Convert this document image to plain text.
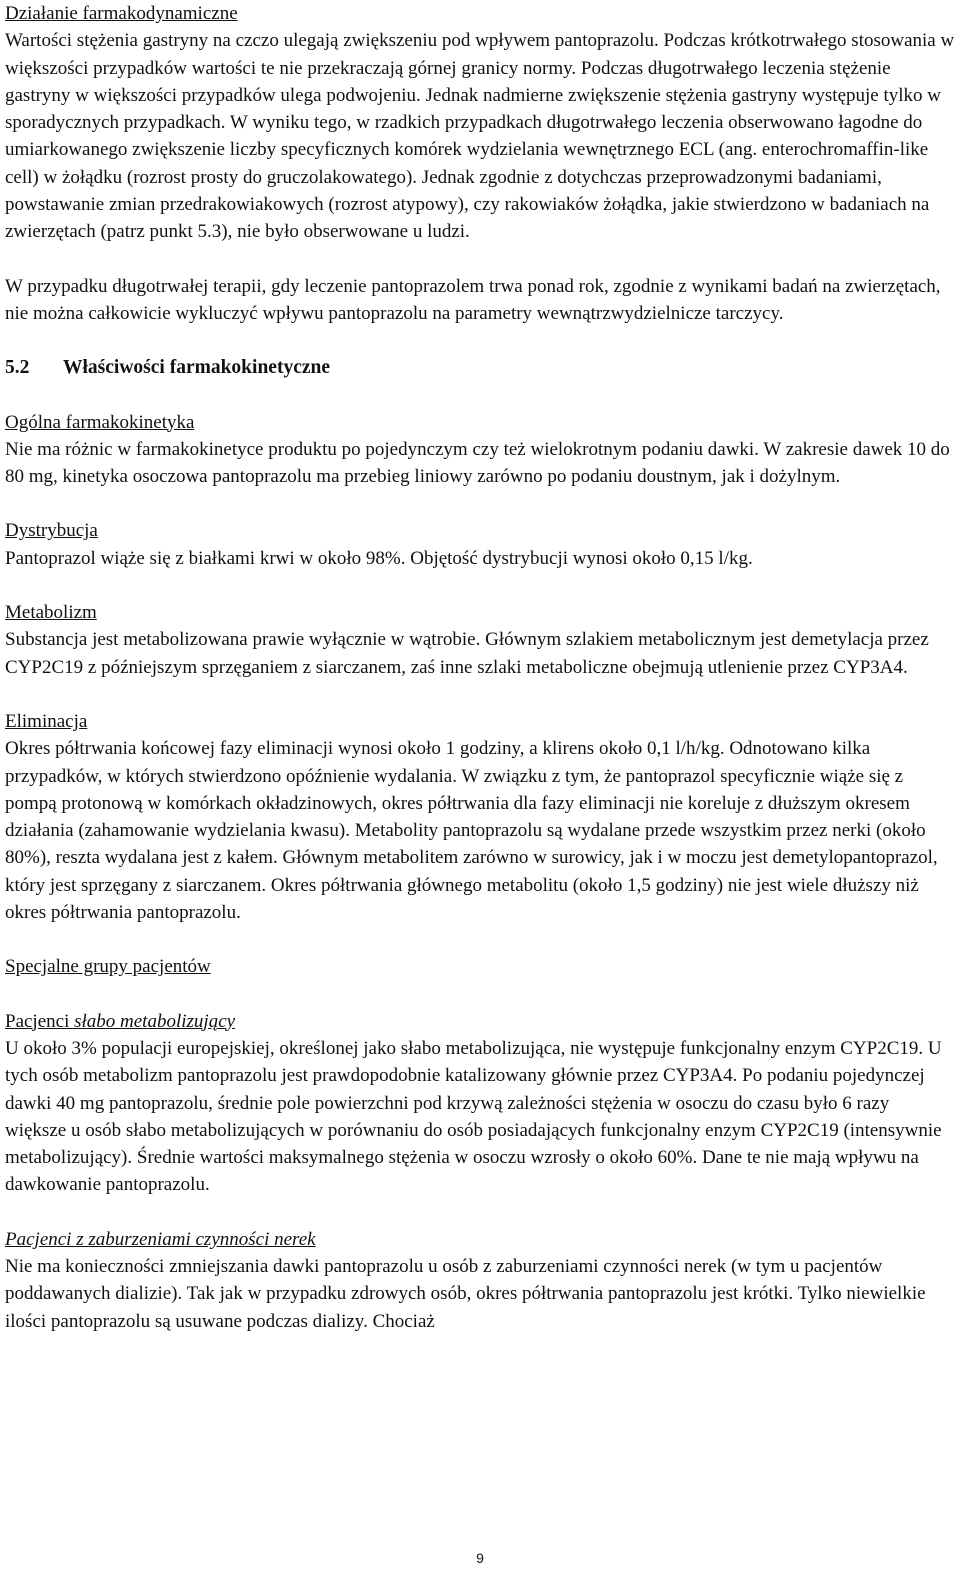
Działanie farmakodynamiczne

Wartości stężenia gastryny na czczo ulegają zwiększeniu pod wpływem pantoprazolu. Podczas krótkotrwałego stosowania w większości przypadków wartości te nie przekraczają górnej granicy normy. Podczas długotrwałego leczenia stężenie gastryny w większości przypadków ulega podwojeniu. Jednak nadmierne zwiększenie stężenia gastryny występuje tylko w sporadycznych przypadkach. W wyniku tego, w rzadkich przypadkach długotrwałego leczenia obserwowano łagodne do umiarkowanego zwiększenie liczby specyficznych komórek wydzielania wewnętrznego ECL (ang. enterochromaffin-like cell) w żołądku (rozrost prosty do gruczolakowatego). Jednak zgodnie z dotychczas przeprowadzonymi badaniami, powstawanie zmian przedrakowiakowych (rozrost atypowy), czy rakowiaków żołądka, jakie stwierdzono w badaniach na zwierzętach (patrz punkt 5.3), nie było obserwowane u ludzi.

W przypadku długotrwałej terapii, gdy leczenie pantoprazolem trwa ponad rok, zgodnie z wynikami badań na zwierzętach, nie można całkowicie wykluczyć wpływu pantoprazolu na parametry wewnątrzwydzielnicze tarczycy.

5.2	Właściwości farmakokinetyczne

Ogólna farmakokinetyka

Nie ma różnic w farmakokinetyce produktu po pojedynczym czy też wielokrotnym podaniu dawki. W zakresie dawek 10 do 80 mg, kinetyka osoczowa pantoprazolu ma przebieg liniowy zarówno po podaniu doustnym, jak i dożylnym.

Dystrybucja

Pantoprazol wiąże się z białkami krwi w około 98%. Objętość dystrybucji wynosi około 0,15 l/kg.

Metabolizm

Substancja jest metabolizowana prawie wyłącznie w wątrobie. Głównym szlakiem metabolicznym jest demetylacja przez CYP2C19 z późniejszym sprzęganiem z siarczanem, zaś inne szlaki metaboliczne obejmują utlenienie przez CYP3A4.

Eliminacja

Okres półtrwania końcowej fazy eliminacji wynosi około 1 godziny, a klirens około 0,1 l/h/kg. Odnotowano kilka przypadków, w których stwierdzono opóźnienie wydalania. W związku z tym, że pantoprazol specyficznie wiąże się z pompą protonową w komórkach okładzinowych, okres półtrwania dla fazy eliminacji nie koreluje z dłuższym okresem działania (zahamowanie wydzielania kwasu). Metabolity pantoprazolu są wydalane przede wszystkim przez nerki (około 80%), reszta wydalana jest z kałem. Głównym metabolitem zarówno w surowicy, jak i w moczu jest demetylopantoprazol, który jest sprzęgany z siarczanem. Okres półtrwania głównego metabolitu (około 1,5 godziny) nie jest wiele dłuższy niż okres półtrwania pantoprazolu.

Specjalne grupy pacjentów

Pacjenci słabo metabolizujący

U około 3% populacji europejskiej, określonej jako słabo metabolizująca, nie występuje funkcjonalny enzym CYP2C19. U tych osób metabolizm pantoprazolu jest prawdopodobnie katalizowany głównie przez CYP3A4. Po podaniu pojedynczej dawki 40 mg pantoprazolu, średnie pole powierzchni pod krzywą zależności stężenia w osoczu do czasu było 6 razy większe u osób słabo metabolizujących w porównaniu do osób posiadających funkcjonalny enzym CYP2C19 (intensywnie metabolizujący). Średnie wartości maksymalnego stężenia w osoczu wzrosły o około 60%. Dane te nie mają wpływu na dawkowanie pantoprazolu.

Pacjenci z zaburzeniami czynności nerek

Nie ma konieczności zmniejszania dawki pantoprazolu u osób z zaburzeniami czynności nerek (w tym u pacjentów poddawanych dializie). Tak jak w przypadku zdrowych osób, okres półtrwania pantoprazolu jest krótki. Tylko niewielkie ilości pantoprazolu są usuwane podczas dializy. Chociaż

9
